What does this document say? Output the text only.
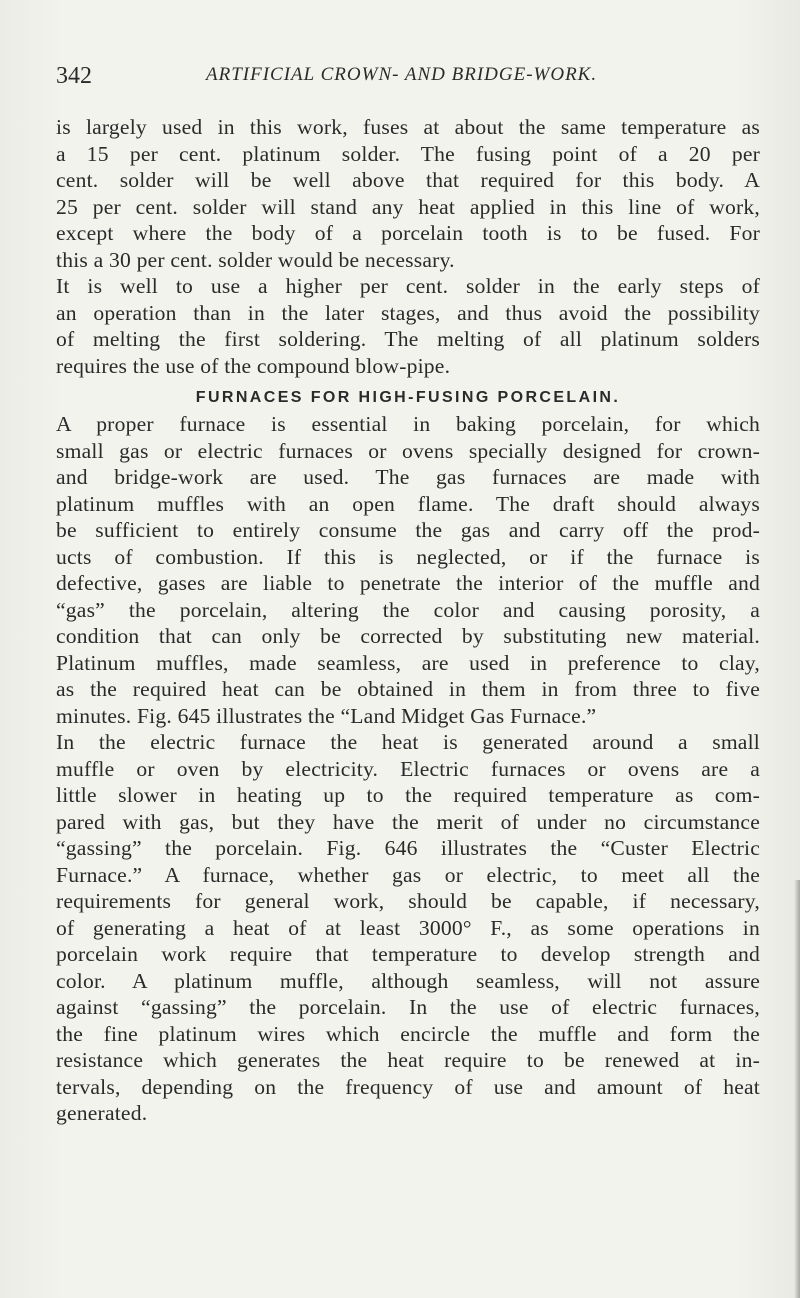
342	ARTIFICIAL CROWN- AND BRIDGE-WORK.
is largely used in this work, fuses at about the same temperature as
a 15 per cent. platinum solder. The fusing point of a 20 per
cent. solder will be well above that required for this body. A
25 per cent. solder will stand any heat applied in this line of work,
except where the body of a porcelain tooth is to be fused. For
this a 30 per cent. solder would be necessary.
It is well to use a higher per cent. solder in the early steps of
an operation than in the later stages, and thus avoid the possibility
of melting the first soldering. The melting of all platinum solders
requires the use of the compound blow-pipe.
FURNACES FOR HIGH-FUSING PORCELAIN.
A proper furnace is essential in baking porcelain, for which
small gas or electric furnaces or ovens specially designed for crown-
and bridge-work are used. The gas furnaces are made with
platinum muffles with an open flame. The draft should always
be sufficient to entirely consume the gas and carry off the prod-
ucts of combustion. If this is neglected, or if the furnace is
defective, gases are liable to penetrate the interior of the muffle and
“gas” the porcelain, altering the color and causing porosity, a
condition that can only be corrected by substituting new material.
Platinum muffles, made seamless, are used in preference to clay,
as the required heat can be obtained in them in from three to five
minutes. Fig. 645 illustrates the “Land Midget Gas Furnace.”
In the electric furnace the heat is generated around a small
muffle or oven by electricity. Electric furnaces or ovens are a
little slower in heating up to the required temperature as com-
pared with gas, but they have the merit of under no circumstance
“gassing” the porcelain. Fig. 646 illustrates the “Custer Electric
Furnace.” A furnace, whether gas or electric, to meet all the
requirements for general work, should be capable, if necessary,
of generating a heat of at least 3000° F., as some operations in
porcelain work require that temperature to develop strength and
color. A platinum muffle, although seamless, will not assure
against “gassing” the porcelain. In the use of electric furnaces,
the fine platinum wires which encircle the muffle and form the
resistance which generates the heat require to be renewed at in-
tervals, depending on the frequency of use and amount of heat
generated.
